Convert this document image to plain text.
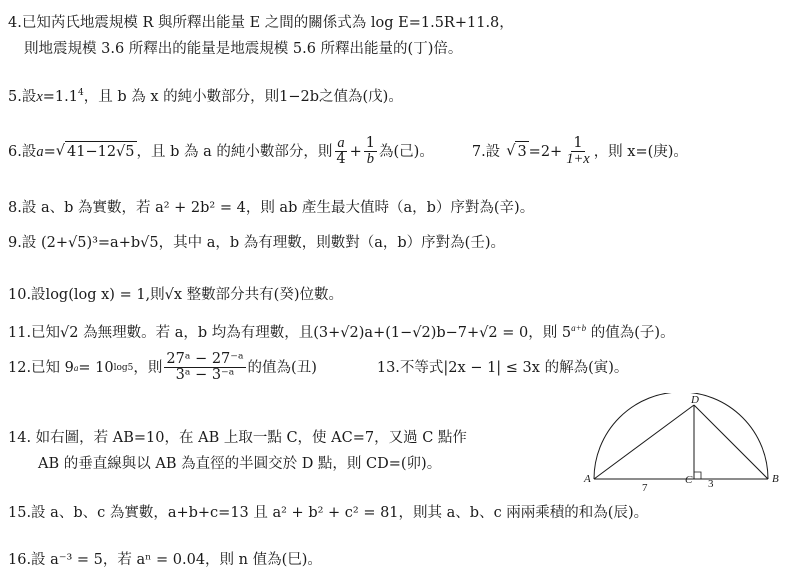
4.已知芮氏地震規模 R 與所釋出能量 E 之間的關係式為 log E=1.5R+11.8，
則地震規模 3.6 所釋出的能量是地震規模 5.6 所釋出能量的(丁)倍。
5.設$x=1.1^4$，且 b 為 x 的純小數部分，則1−2b之值為(戊)。
6.設 a = √ 41−12√5 ，且 b 為 a 的純小數部分，則 $\frac{a}{4} + \frac{1}{b}$ 為(己)。	7.設 √ $3 =2+ \frac{1}{1+x}$ ，則 x=(庚)。
8.設 a、b 為實數，若 a² + 2b² = 4，則 ab 產生最大值時（a，b）序對為(辛)。
9.設 (2+√5)³=a+b√5，其中 a，b 為有理數，則數對（a，b）序對為(壬)。
10.設log(log x) = 1,則√x 整數部分共有(癸)位數。
11.已知√2 為無理數。若 a，b 均為有理數，且(3+√2)a+(1−√2)b−7+√2 = 0，則 $5^{a+b}$ 的值為(子)。
12.已知 9 a = 10 log5 ，則 $\frac{\text{27ᵃ − 27⁻ᵃ}}{\text{3ᵃ − 3⁻ᵃ}}$ 的值為(丑)	13.不等式|2x − 1| ≤ 3x 的解為(寅)。
14. 如右圖，若 AB=10，在 AB 上取一點 C，使 AC=7，又過 C 點作
AB 的垂直線與以 AB 為直徑的半圓交於 D 點，則 CD=(卯)。
A	B
C
D
7	3
15.設 a、b、c 為實數，a+b+c=13 且 a² + b² + c² = 81，則其 a、b、c 兩兩乘積的和為(辰)。
16.設 a⁻³ = 5，若 aⁿ = 0.04，則 n 值為(巳)。
